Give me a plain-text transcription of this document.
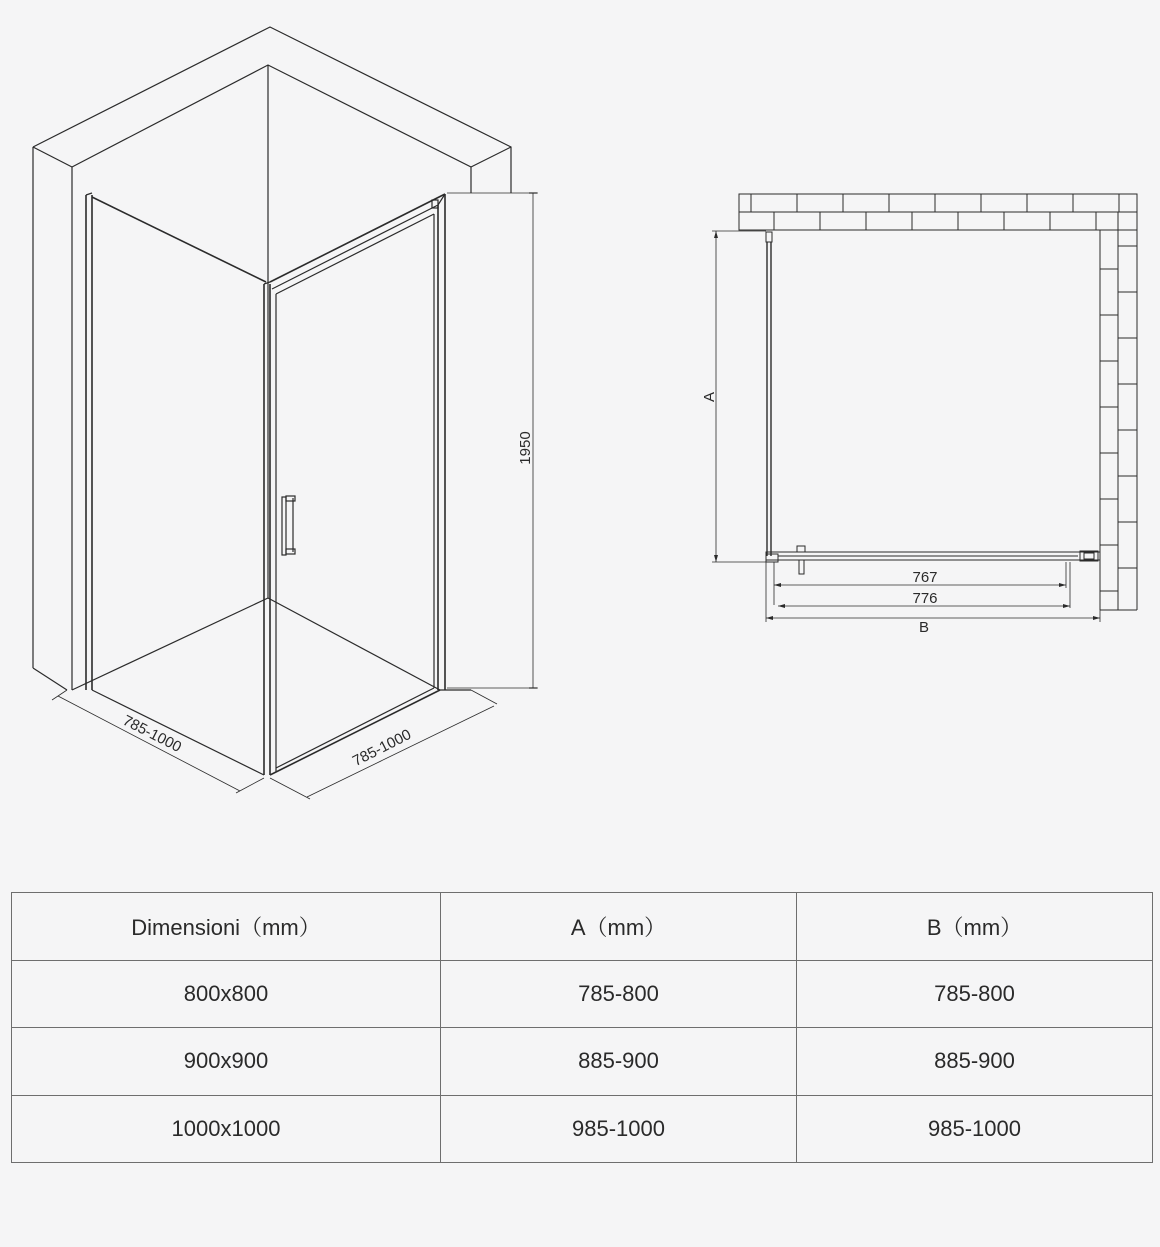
1950
785-1000	785-1000
A
767
776
B
Dimensioni（mm）	A（mm）	B（mm）
800x800	785-800	785-800
900x900	885-900	885-900
1000x1000	985-1000	985-1000
